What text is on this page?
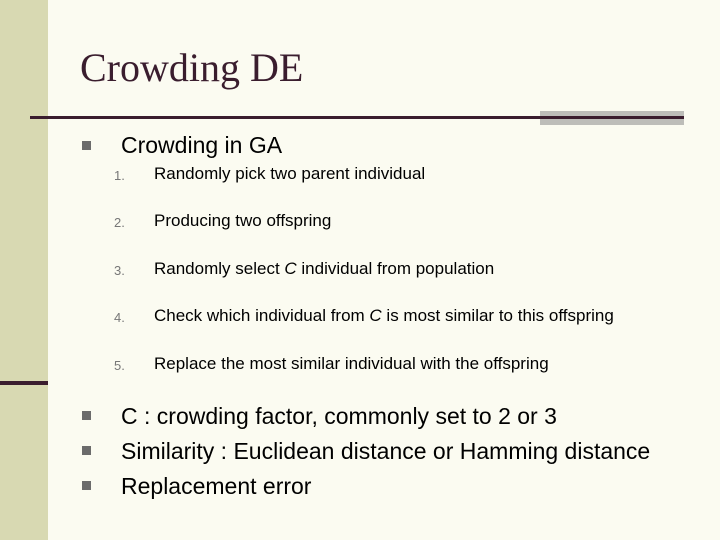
Crowding DE
Crowding in GA
1. Randomly pick two parent individual
2. Producing two offspring
3. Randomly select C individual from population
4. Check which individual from C is most similar to this offspring
5. Replace the most similar individual with the offspring
C : crowding factor, commonly set to 2 or 3
Similarity : Euclidean distance or Hamming distance
Replacement error
